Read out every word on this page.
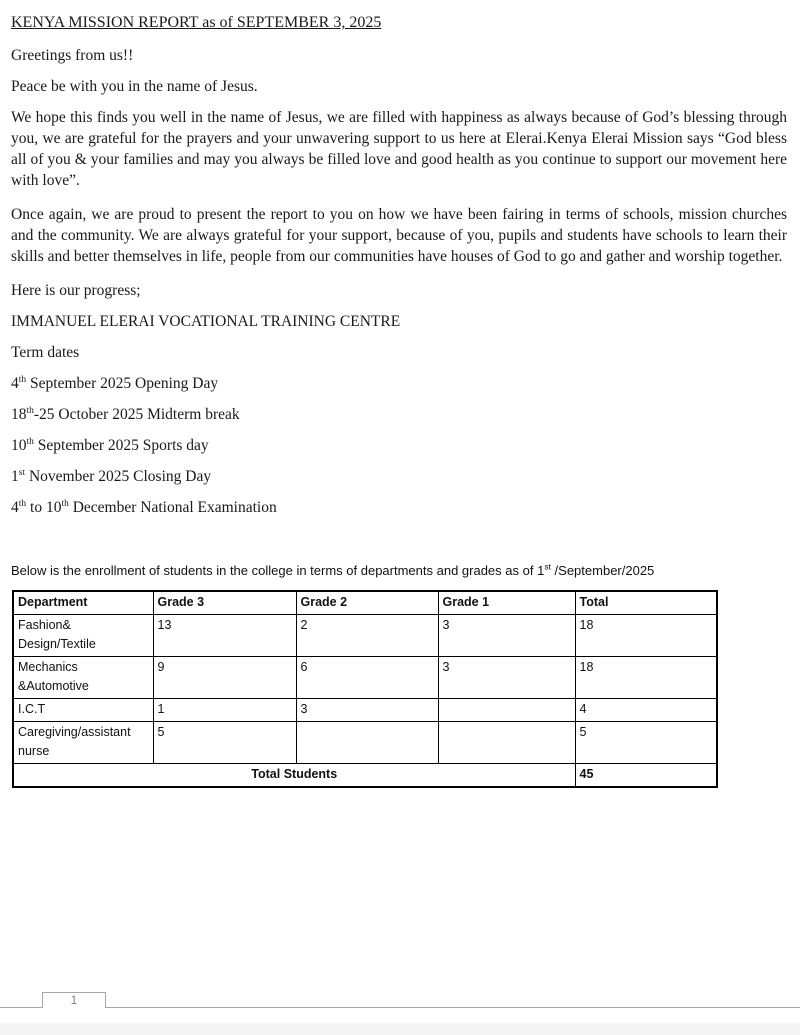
KENYA MISSION REPORT as of SEPTEMBER 3, 2025

Greetings from us!!

Peace be with you in the name of Jesus.

We hope this finds you well in the name of Jesus, we are filled with happiness as always because of God’s blessing through you, we are grateful for the prayers and your unwavering support to us here at Elerai.Kenya Elerai Mission says “God bless all of you & your families and may you always be filled love and good health as you continue to support our movement here with love”.

Once again, we are proud to present the report to you on how we have been fairing in terms of schools, mission churches and the community. We are always grateful for your support, because of you, pupils and students have schools to learn their skills and better themselves in life, people from our communities have houses of God to go and gather and worship together.

Here is our progress;

IMMANUEL ELERAI VOCATIONAL TRAINING CENTRE

Term dates

4th September 2025 Opening Day

18th-25 October 2025 Midterm break

10th September 2025 Sports day

1st November 2025 Closing Day

4th to 10th December National Examination

Below is the enrollment of students in the college in terms of departments and grades as of 1st /September/2025

Department	Grade 3	Grade 2	Grade 1	Total

Fashion&
Design/Textile	13	2	3	18

Mechanics
&Automotive	9	6	3	18
I.C.T	1	3		4

Caregiving/assistant
nurse	5			5
Total Students				45
1
